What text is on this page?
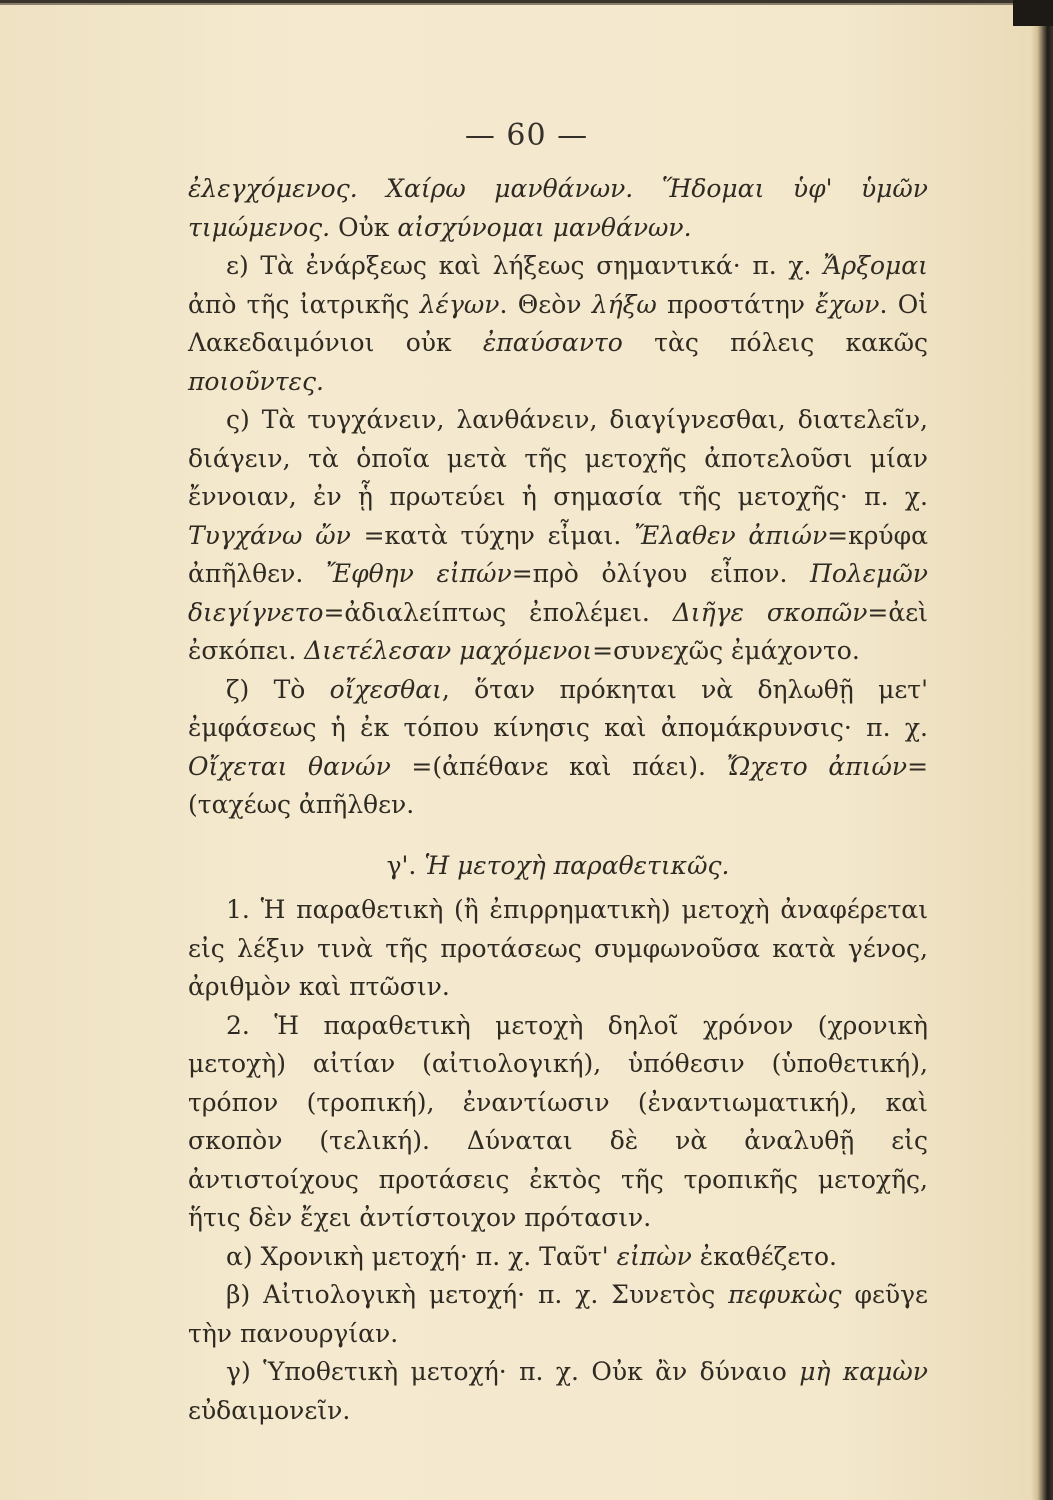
— 60 —

ἐλεγχόμενος. Χαίρω μανθάνων. Ἥδομαι ὑφ' ὑμῶν τιμώμενος. Οὐκ αἰσχύνομαι μανθάνων.

ε) Τὰ ἐνάρξεως καὶ λήξεως σημαντικά· π. χ. Ἄρξομαι ἀπὸ τῆς ἰατρικῆς λέγων. Θεὸν λήξω προστάτην ἔχων. Οἱ Λακεδαιμόνιοι οὐκ ἐπαύσαντο τὰς πόλεις κακῶς ποιοῦντες.

ς) Τὰ τυγχάνειν, λανθάνειν, διαγίγνεσθαι, διατελεῖν, διάγειν, τὰ ὁποῖα μετὰ τῆς μετοχῆς ἀποτελοῦσι μίαν ἔννοιαν, ἐν ᾗ πρωτεύει ἡ σημασία τῆς μετοχῆς· π. χ. Τυγχάνω ὤν =κατὰ τύχην εἶμαι. Ἔλαθεν ἀπιών=κρύφα ἀπῆλθεν. Ἔφθην εἰπών=πρὸ ὀλίγου εἶπον. Πολεμῶν διεγίγνετο=ἀδιαλείπτως ἐπολέμει. Διῆγε σκοπῶν=ἀεὶ ἐσκόπει. Διετέλεσαν μαχόμενοι=συνεχῶς ἐμάχοντο.

ζ) Τὸ οἴχεσθαι, ὅταν πρόκηται νὰ δηλωθῇ μετ' ἐμφάσεως ἡ ἐκ τόπου κίνησις καὶ ἀπομάκρυνσις· π. χ. Οἴχεται θανών =(ἀπέθανε καὶ πάει). Ὤχετο ἀπιών=(ταχέως ἀπῆλθεν.

γ'. Ἡ μετοχὴ παραθετικῶς.

1. Ἡ παραθετικὴ (ἢ ἐπιρρηματικὴ) μετοχὴ ἀναφέρεται εἰς λέξιν τινὰ τῆς προτάσεως συμφωνοῦσα κατὰ γένος, ἀριθμὸν καὶ πτῶσιν.

2. Ἡ παραθετικὴ μετοχὴ δηλοῖ χρόνον (χρονικὴ μετοχὴ) αἰτίαν (αἰτιολογική), ὑπόθεσιν (ὑποθετική), τρόπον (τροπική), ἐναντίωσιν (ἐναντιωματική), καὶ σκοπὸν (τελική). Δύναται δὲ νὰ ἀναλυθῇ εἰς ἀντιστοίχους προτάσεις ἐκτὸς τῆς τροπικῆς μετοχῆς, ἥτις δὲν ἔχει ἀντίστοιχον πρότασιν.

α) Χρονικὴ μετοχή· π. χ. Ταῦτ' εἰπὼν ἐκαθέζετο.

β) Αἰτιολογικὴ μετοχή· π. χ. Συνετὸς πεφυκὼς φεῦγε τὴν πανουργίαν.

γ) Ὑποθετικὴ μετοχή· π. χ. Οὐκ ἂν δύναιο μὴ καμὼν εὐδαιμονεῖν.
